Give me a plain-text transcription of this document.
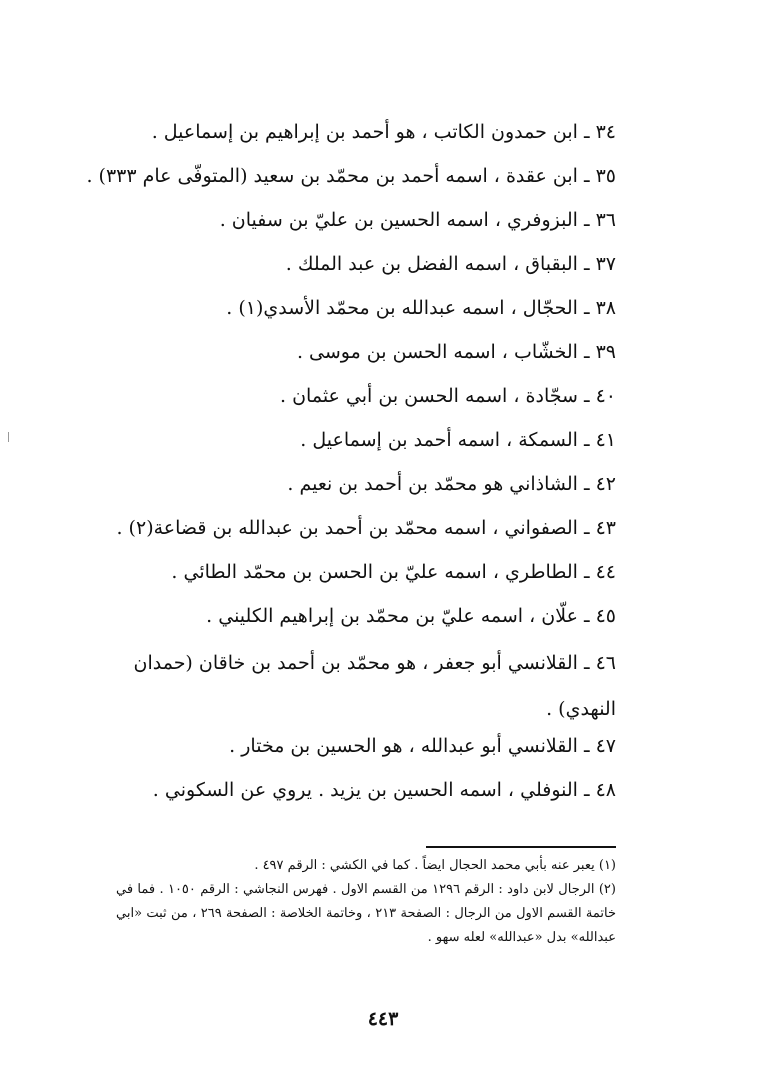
٣٤ ـ ابن حمدون الكاتب ، هو أحمد بن إبراهيم بن إسماعيل .
٣٥ ـ ابن عقدة ، اسمه أحمد بن محمّد بن سعيد (المتوفّى عام ٣٣٣) .
٣٦ ـ البزوفري ، اسمه الحسين بن عليّ بن سفيان .
٣٧ ـ البقباق ، اسمه الفضل بن عبد الملك .
٣٨ ـ الحجّال ، اسمه عبدالله بن محمّد الأسدي(١) .
٣٩ ـ الخشّاب ، اسمه الحسن بن موسى .
٤٠ ـ سجّادة ، اسمه الحسن بن أبي عثمان .
٤١ ـ السمكة ، اسمه أحمد بن إسماعيل .
٤٢ ـ الشاذاني هو محمّد بن أحمد بن نعيم .
٤٣ ـ الصفواني ، اسمه محمّد بن أحمد بن عبدالله بن قضاعة(٢) .
٤٤ ـ الطاطري ، اسمه عليّ بن الحسن بن محمّد الطائي .
٤٥ ـ علّان ، اسمه عليّ بن محمّد بن إبراهيم الكليني .
٤٦ ـ القلانسي أبو جعفر ، هو محمّد بن أحمد بن خاقان (حمدان النهدي) .
٤٧ ـ القلانسي أبو عبدالله ، هو الحسين بن مختار .
٤٨ ـ النوفلي ، اسمه الحسين بن يزيد . يروي عن السكوني .
(١) يعبر عنه بأبي محمد الحجال ايضاً . كما في الكشي : الرقم ٤٩٧ .
(٢) الرجال لابن داود : الرقم ١٢٩٦ من القسم الاول . فهرس النجاشي : الرقم ١٠٥٠ . فما في خاتمة القسم الاول من الرجال : الصفحة ٢١٣ ، وخاتمة الخلاصة : الصفحة ٢٦٩ ، من ثبت «ابي عبدالله» بدل «عبدالله» لعله سهو .
٤٤٣
